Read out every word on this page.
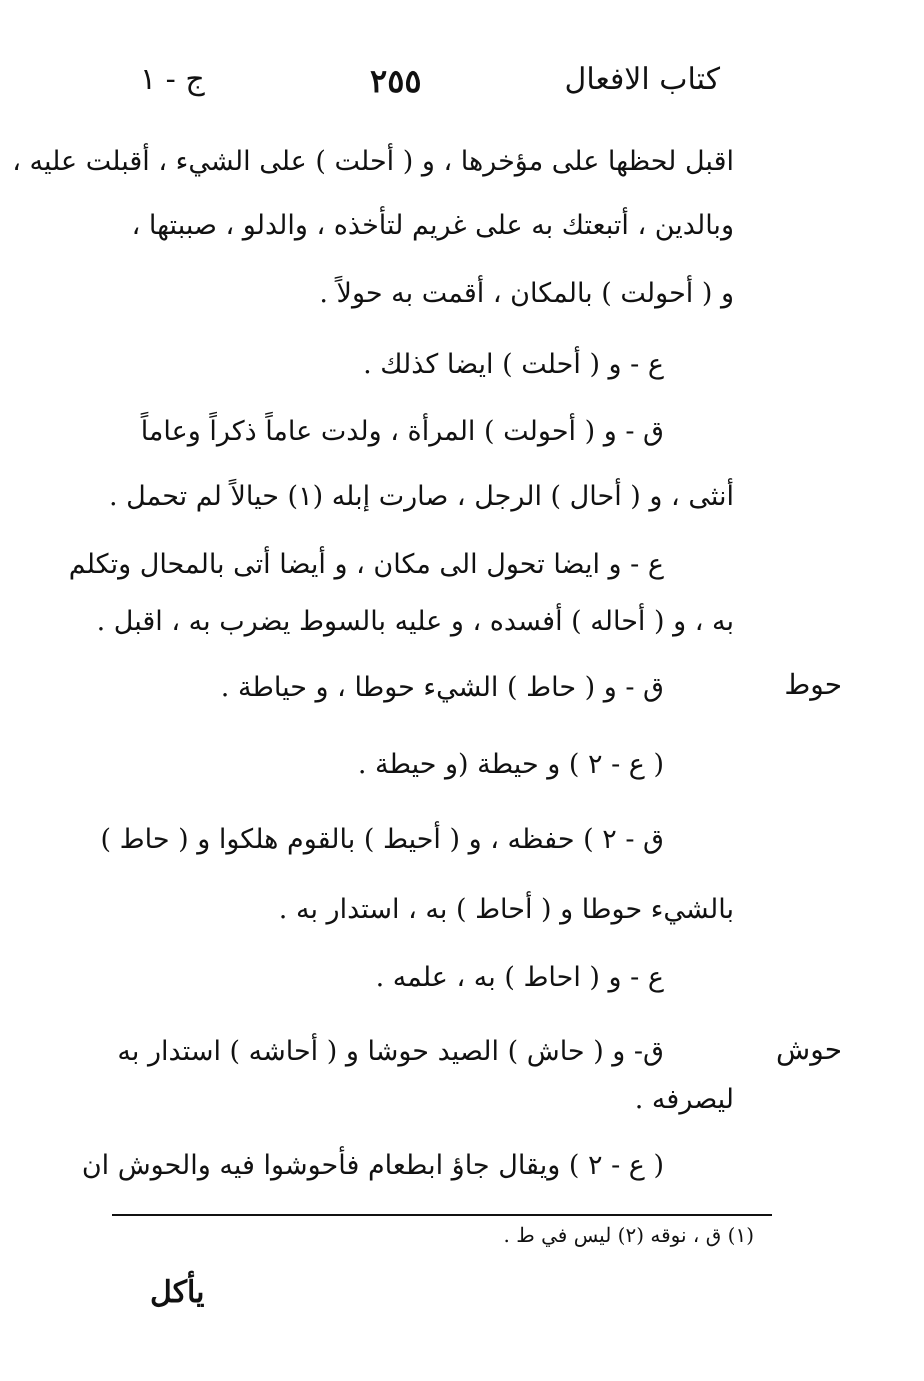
كتاب الافعال
٢٥٥
ج - ١
اقبل لحظها على مؤخرها ، و ( أحلت ) على الشيء ، أقبلت عليه ،
وبالدين ، أتبعتك به على غريم لتأخذه ، والدلو ، صببتها ،
و ( أحولت ) بالمكان ، أقمت به حولاً .
ع - و ( أحلت ) ايضا كذلك .
ق - و ( أحولت ) المرأة ، ولدت عاماً ذكراً وعاماً
أنثى ، و ( أحال ) الرجل ، صارت إبله (١) حيالاً لم تحمل .
ع - و ايضا تحول الى مكان ، و أيضا أتى بالمحال وتكلم
به ، و ( أحاله ) أفسده ، و عليه بالسوط يضرب به ، اقبل .
حوط
ق - و ( حاط ) الشيء حوطا ، و حياطة .
( ع - ٢ ) و حيطة (و حيطة .
ق - ٢ ) حفظه ، و ( أحيط ) بالقوم هلكوا و ( حاط )
بالشيء حوطا و ( أحاط ) به ، استدار به .
ع - و ( احاط ) به ، علمه .
حوش
ق- و ( حاش ) الصيد حوشا و ( أحاشه ) استدار به
ليصرفه .
( ع - ٢ ) ويقال جاؤ ابطعام فأحوشوا فيه والحوش ان
(١) ق ، نوقه (٢) ليس في ط .
يأكل
